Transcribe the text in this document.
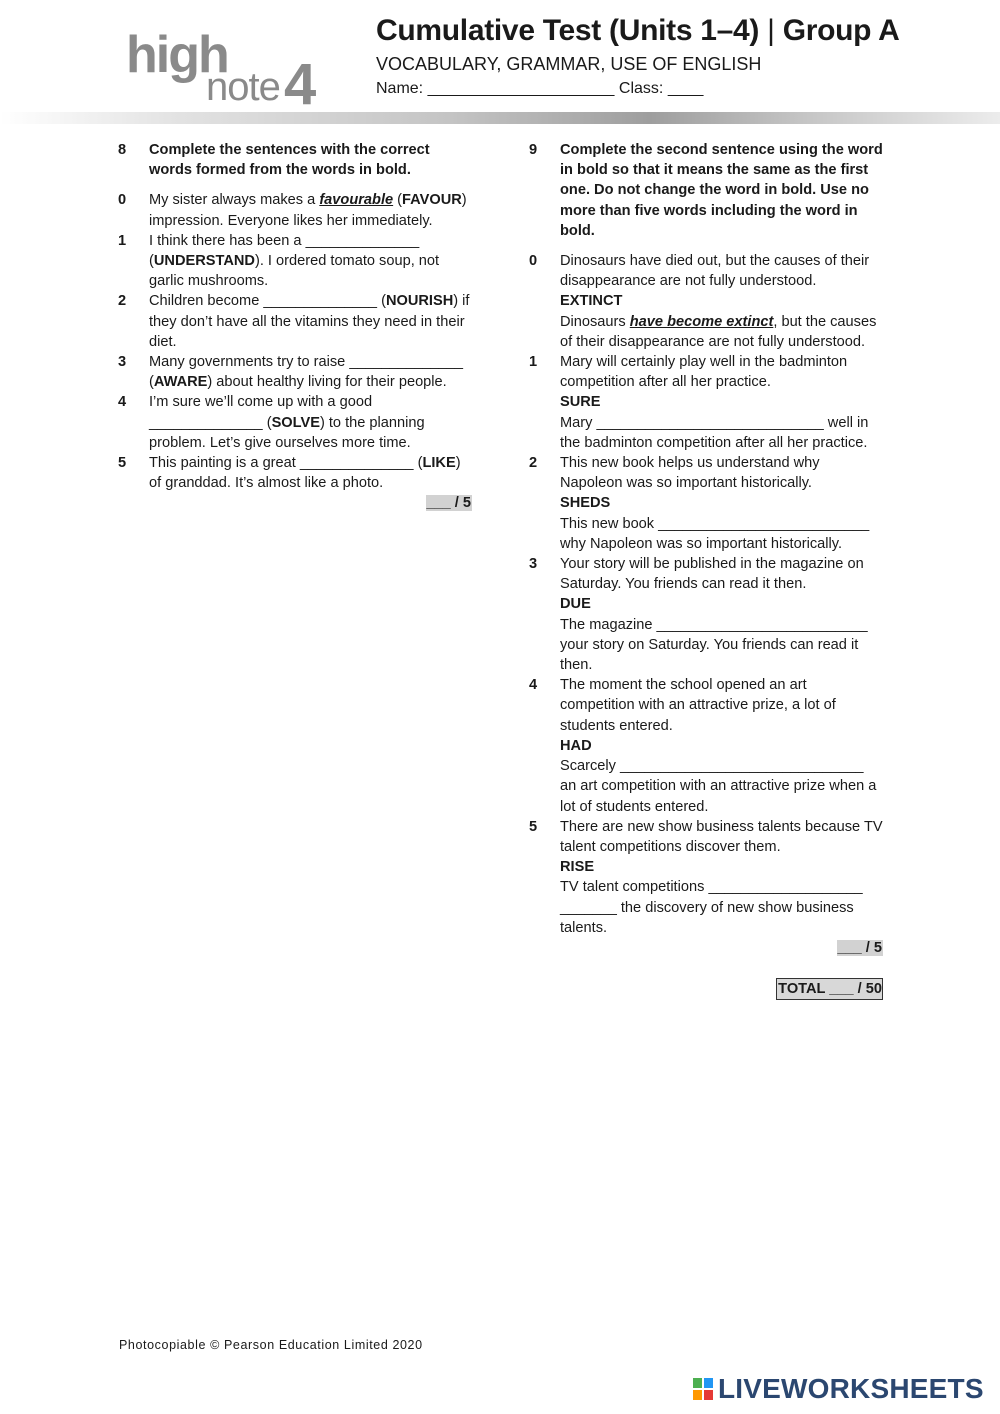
high
note 4
Cumulative Test (Units 1–4) | Group A
VOCABULARY, GRAMMAR, USE OF ENGLISH
Name: _____________________ Class: ____
8	Complete the sentences with the correct words formed from the words in bold.
0	My sister always makes a favourable (FAVOUR) impression. Everyone likes her immediately.
1	I think there has been a ______________ (UNDERSTAND). I ordered tomato soup, not garlic mushrooms.
2	Children become ______________ (NOURISH) if they don’t have all the vitamins they need in their diet.
3	Many governments try to raise ______________ (AWARE) about healthy living for their people.
4	I’m sure we’ll come up with a good ______________ (SOLVE) to the planning problem. Let’s give ourselves more time.
5	This painting is a great ______________ (LIKE) of granddad. It’s almost like a photo.
___ / 5
9	Complete the second sentence using the word in bold so that it means the same as the first one. Do not change the word in bold. Use no more than five words including the word in bold.
0	Dinosaurs have died out, but the causes of their disappearance are not fully understood.
EXTINCT
Dinosaurs have become extinct, but the causes of their disappearance are not fully understood.
1	Mary will certainly play well in the badminton competition after all her practice.
SURE
Mary ____________________________ well in the badminton competition after all her practice.
2	This new book helps us understand why Napoleon was so important historically.
SHEDS
This new book __________________________ why Napoleon was so important historically.
3	Your story will be published in the magazine on Saturday. You friends can read it then.
DUE
The magazine __________________________ your story on Saturday. You friends can read it then.
4	The moment the school opened an art competition with an attractive prize, a lot of students entered.
HAD
Scarcely ______________________________ an art competition with an attractive prize when a lot of students entered.
5	There are new show business talents because TV talent competitions discover them.
RISE
TV talent competitions ___________________ _______ the discovery of new show business talents.
___ / 5
TOTAL ___ / 50
Photocopiable © Pearson Education Limited 2020
LIVEWORKSHEETS
